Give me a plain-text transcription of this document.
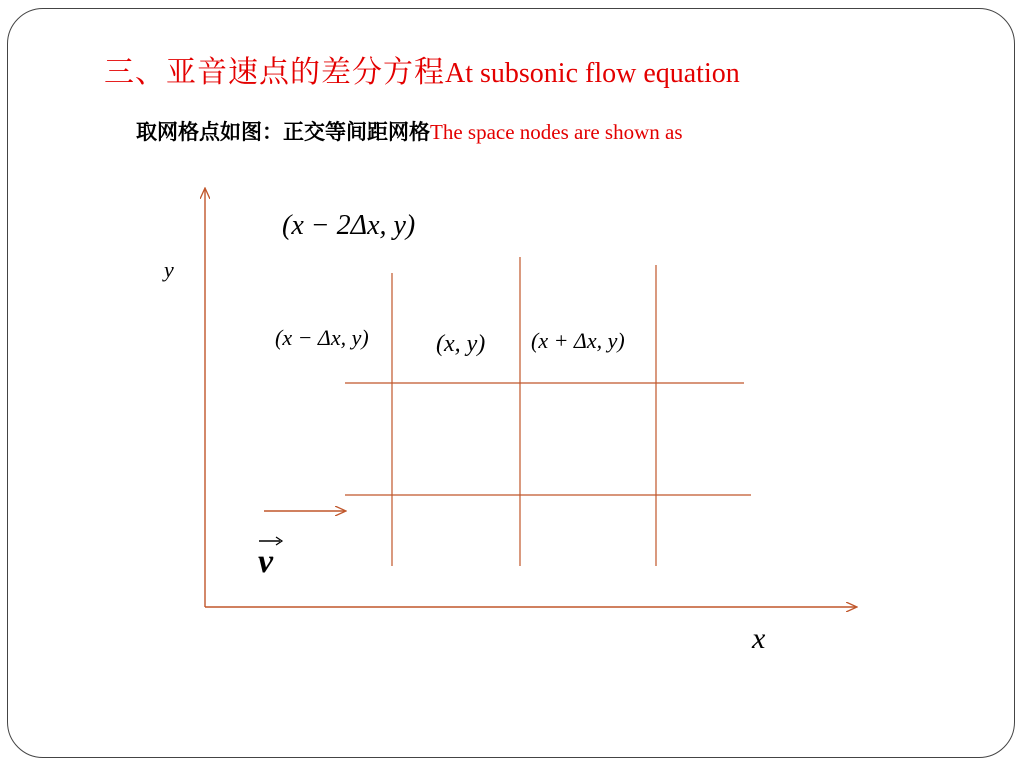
三、亚音速点的差分方程At subsonic flow equation
取网格点如图：正交等间距网格The space nodes are shown as
y
x
v
(x − 2Δx, y)
(x − Δx, y)	(x, y) (x + Δx, y)
